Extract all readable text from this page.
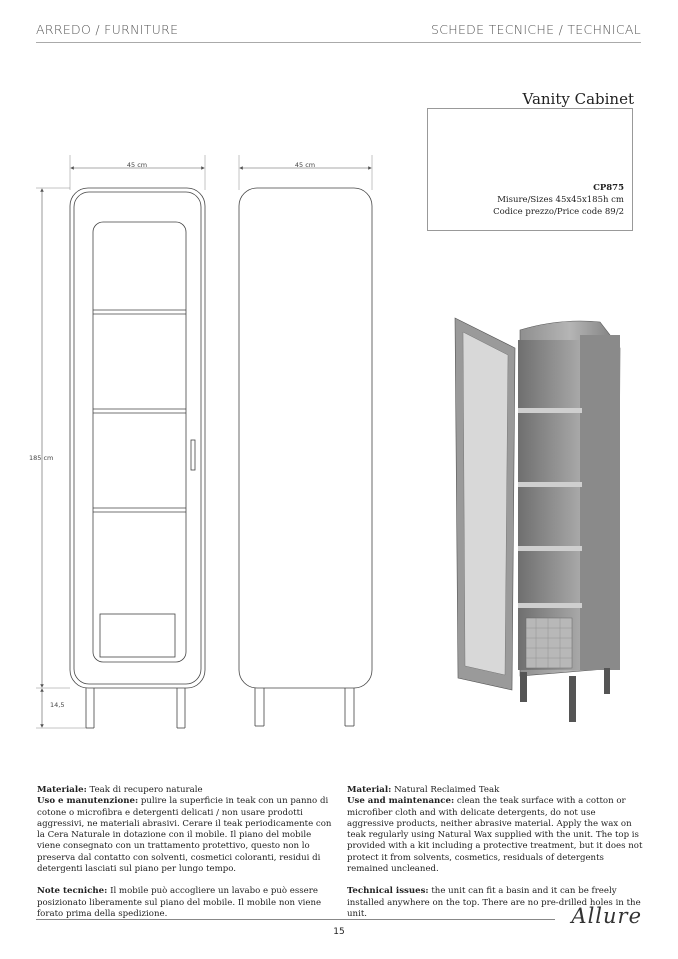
ARREDO / FURNITURE	SCHEDE TECNICHE / TECHNICAL
Vanity Cabinet
CP875
Misure/Sizes 45x45x185h cm
Codice prezzo/Price code 89/2
45 cm
185 cm
14,5
45 cm

Materiale: Teak di recupero naturale
Uso e manutenzione: pulire la superficie in teak con un panno di cotone o microfibra e detergenti delicati / non usare prodotti aggressivi, ne materiali abrasivi. Cerare il teak periodicamente con la Cera Naturale in dotazione con il mobile. Il piano del mobile viene consegnato con un trattamento protettivo, questo non lo preserva dal contatto con solventi, cosmetici coloranti, residui di detergenti lasciati sul piano per lungo tempo.

Note tecniche: Il mobile può accogliere un lavabo e può essere posizionato liberamente sul piano del mobile. Il mobile non viene forato prima della spedizione.

Material: Natural Reclaimed Teak
Use and maintenance: clean the teak surface with a cotton or microfiber cloth and with delicate detergents, do not use aggressive products, neither abrasive material. Apply the wax on teak regularly using Natural Wax supplied with the unit. The top is provided with a kit including a protective treatment, but it does not protect it from solvents, cosmetics, residuals of detergents remained uncleaned.

Technical issues: the unit can fit a basin and it can be freely installed anywhere on the top. There are no pre-drilled holes in the unit.

15
Allure
